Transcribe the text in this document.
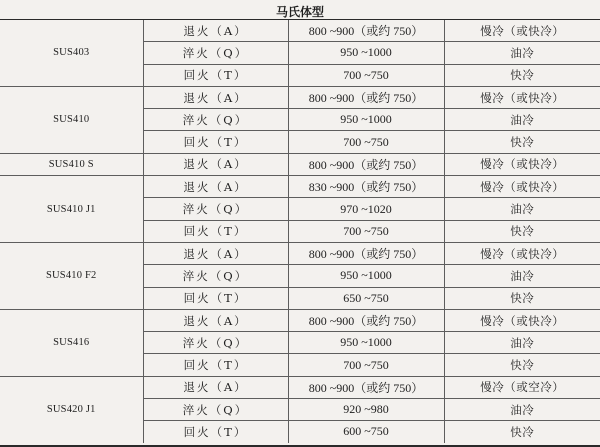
马氏体型
SUS403	退火（A）	800 ~900（或约 750）	慢冷（或快冷）
	淬火（Q）	950 ~1000	油冷
	回火（T）	700 ~750	快冷
SUS410	退火（A）	800 ~900（或约 750）	慢冷（或快冷）
	淬火（Q）	950 ~1000	油冷
	回火（T）	700 ~750	快冷
SUS410 S	退火（A）	800 ~900（或约 750）	慢冷（或快冷）
SUS410 J1	退火（A）	830 ~900（或约 750）	慢冷（或快冷）
	淬火（Q）	970 ~1020	油冷
	回火（T）	700 ~750	快冷
SUS410 F2	退火（A）	800 ~900（或约 750）	慢冷（或快冷）
	淬火（Q）	950 ~1000	油冷
	回火（T）	650 ~750	快冷
SUS416	退火（A）	800 ~900（或约 750）	慢冷（或快冷）
	淬火（Q）	950 ~1000	油冷
	回火（T）	700 ~750	快冷
SUS420 J1	退火（A）	800 ~900（或约 750）	慢冷（或空冷）
	淬火（Q）	920 ~980	油冷
	回火（T）	600 ~750	快冷
